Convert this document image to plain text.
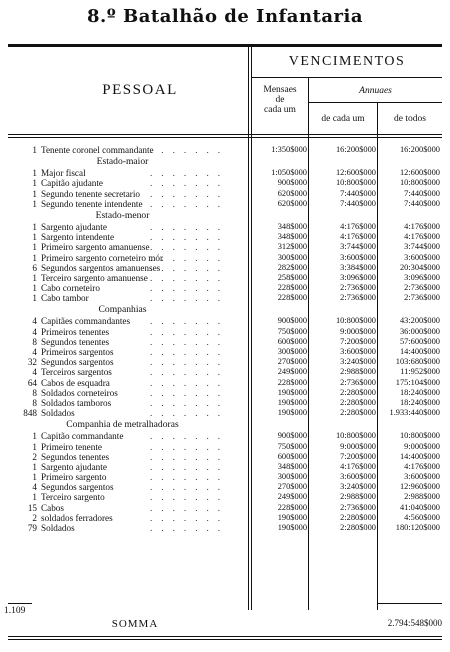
8.º Batalhão de Infantaria
PESSOAL
VENCIMENTOS
Mensaes
de
cada um
Annuaes
de cada um	de todos
1 Tenente coronel commandante	1:350$000	16:200$000	16:200$000
.......
Estado-maior
1 Major fiscal	1:050$000	12:600$000	12:600$000
.......
1 Capitão ajudante	900$000	10:800$000	10:800$000
.......
1 Segundo tenente secretario	620$000	7:440$000	7:440$000
.......
1 Segundo tenente intendente	620$000	7:440$000	7:440$000
.......
Estado-menor
1 Sargento ajudante	348$000	4:176$000	4:176$000
.......
1 Sargento intendente	348$000	4:176$000	4:176$000
.......
1 Primeiro sargento amanuense	312$000	3:744$000	3:744$000
.......
1 Primeiro sargento corneteiro mór	300$000	3:600$000	3:600$000
.......
6 Segundos sargentos amanuenses	282$000	3:384$000	20:304$000
.......
1 Terceiro sargento amanuense	258$000	3:096$000	3:096$000
.......
1 Cabo corneteiro	228$000	2:736$000	2:736$000
.......
1 Cabo tambor	228$000	2:736$000	2:736$000
.......
Companhias
4 Capitães commandantes	900$000	10:800$000	43:200$000
.......
4 Primeiros tenentes	750$000	9:000$000	36:000$000
.......
8 Segundos tenentes	600$000	7:200$000	57:600$000
.......
4 Primeiros sargentos	300$000	3:600$000	14:400$000
.......
32 Segundos sargentos	270$000	3:240$000	103:680$000
.......
4 Terceiros sargentos	249$000	2:988$000	11:952$000
.......
64 Cabos de esquadra	228$000	2:736$000	175:104$000
.......
8 Soldados corneteiros	190$000	2:280$000	18:240$000
.......
8 Soldados tamboros	190$000	2:280$000	18:240$000
.......
848 Soldados	190$000	2:280$000	1.933:440$000
.......
Companhia de metralhadoras
1 Capitão commandante	900$000	10:800$000	10:800$000
.......
1 Primeiro tenente	750$000	9:000$000	9:000$000
.......
2 Segundos tenentes	600$000	7:200$000	14:400$000
.......
1 Sargento ajudante	348$000	4:176$000	4:176$000
.......
1 Primeiro sargento	300$000	3:600$000	3:600$000
.......
4 Segundos sargentos	270$000	3:240$000	12:960$000
.......
1 Terceiro sargento	249$000	2:988$000	2:988$000
.......
15 Cabos	228$000	2:736$000	41:040$000
.......
2 soldados ferradores	190$000	2:280$000	4:560$000
.......
79 Soldados	190$000	2:280$000	180:120$000
.......
1.109
SOMMA	2.794:548$000
